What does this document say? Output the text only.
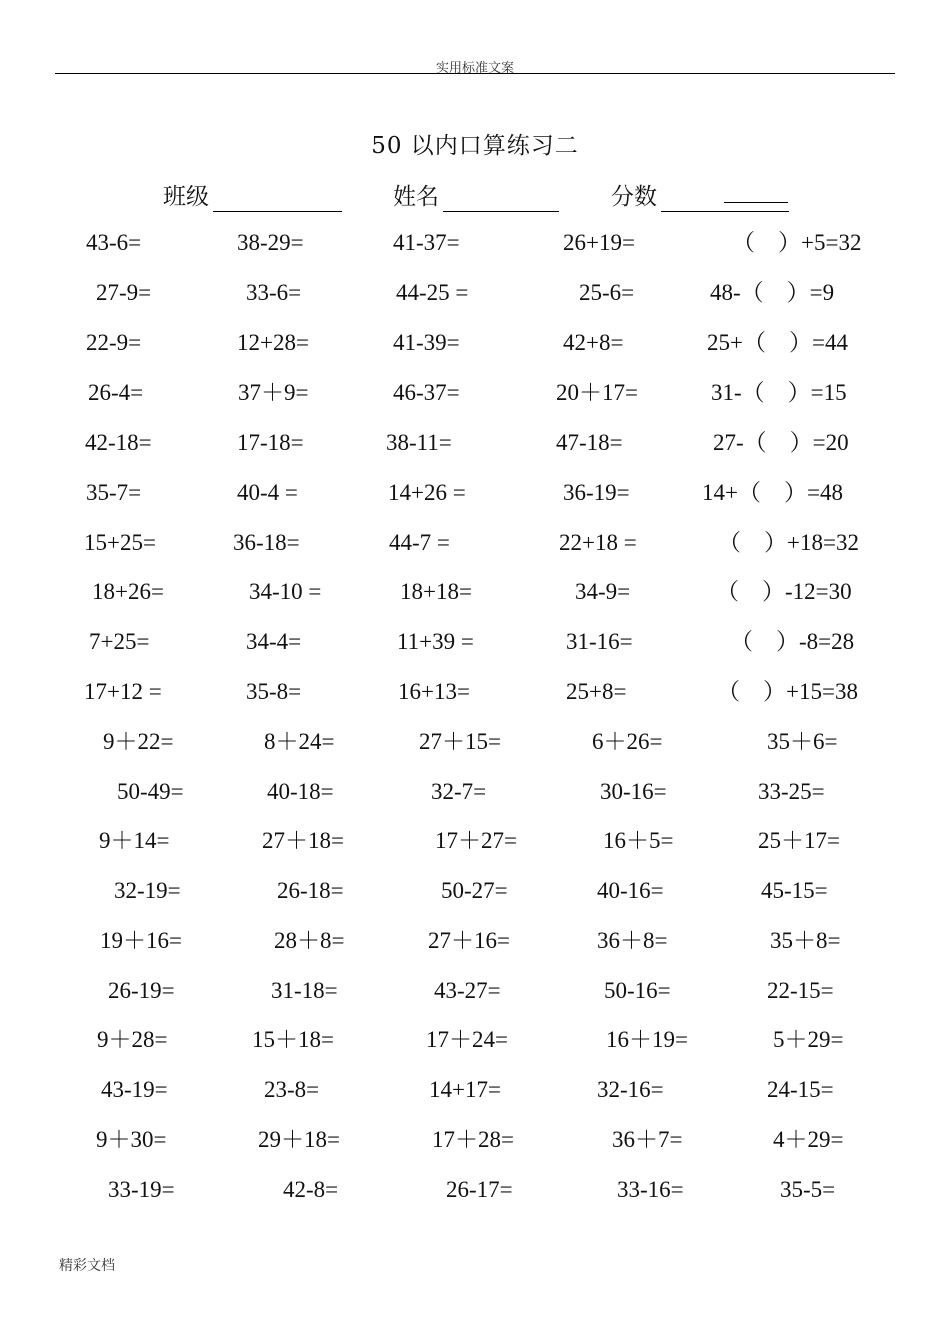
实用标准文案
50 以内口算练习二
班级	姓名	分数
43-6=	38-29=	41-37=	26+19=	（　）+5=32
27-9=	33-6=	44-25 =	25-6=	48-（　）=9
22-9=	12+28=	41-39=	42+8=	25+（　）=44
26-4=	37＋9=	46-37=	20＋17=	31-（　）=15
42-18=	17-18=	38-11=	47-18=	27-（　）=20
35-7=	40-4 =	14+26 =	36-19=	14+（　）=48
15+25=	36-18=	44-7 =	22+18 =	（　）+18=32
18+26=	34-10 =	18+18=	34-9=	（　）-12=30
7+25=	34-4=	11+39 =	31-16=	（　）-8=28
17+12 =	35-8=	16+13=	25+8=	（　）+15=38
9＋22=	8＋24=	27＋15=	6＋26=	35＋6=
50-49=	40-18=	32-7=	30-16=	33-25=
9＋14=	27＋18=	17＋27=	16＋5=	25＋17=
32-19=	26-18=	50-27=	40-16=	45-15=
19＋16=	28＋8=	27＋16=	36＋8=	35＋8=
26-19=	31-18=	43-27=	50-16=	22-15=
9＋28=	15＋18=	17＋24=	16＋19=	5＋29=
43-19=	23-8=	14+17=	32-16=	24-15=
9＋30=	29＋18=	17＋28=	36＋7=	4＋29=
33-19=	42-8=	26-17=	33-16=	35-5=
精彩文档
